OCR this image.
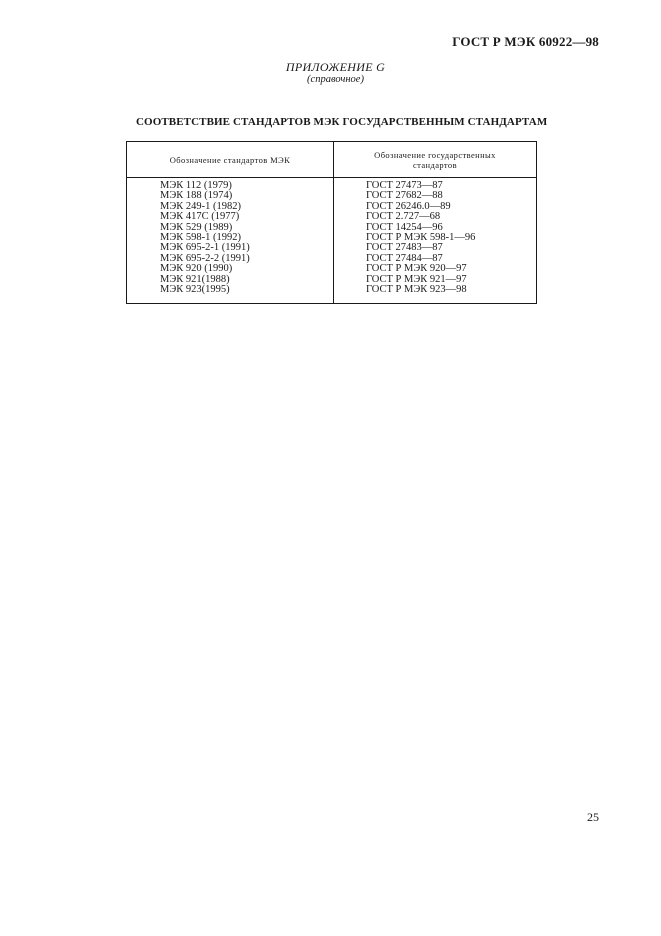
ГОСТ Р МЭК 60922—98
ПРИЛОЖЕНИЕ G
(справочное)
СООТВЕТСТВИЕ СТАНДАРТОВ МЭК ГОСУДАРСТВЕННЫМ СТАНДАРТАМ
Обозначение стандартов МЭК	Обозначение государственных стандартов
МЭК 112 (1979)
МЭК 188 (1974)
МЭК 249-1 (1982)
МЭК 417С (1977)
МЭК 529 (1989)
МЭК 598-1 (1992)
МЭК 695-2-1 (1991)
МЭК 695-2-2 (1991)
МЭК 920 (1990)
МЭК 921(1988)
МЭК 923(1995)
ГОСТ 27473—87
ГОСТ 27682—88
ГОСТ 26246.0—89
ГОСТ 2.727—68
ГОСТ 14254—96
ГОСТ Р МЭК 598-1—96
ГОСТ 27483—87
ГОСТ 27484—87
ГОСТ Р МЭК 920—97
ГОСТ Р МЭК 921—97
ГОСТ Р МЭК 923—98
25
